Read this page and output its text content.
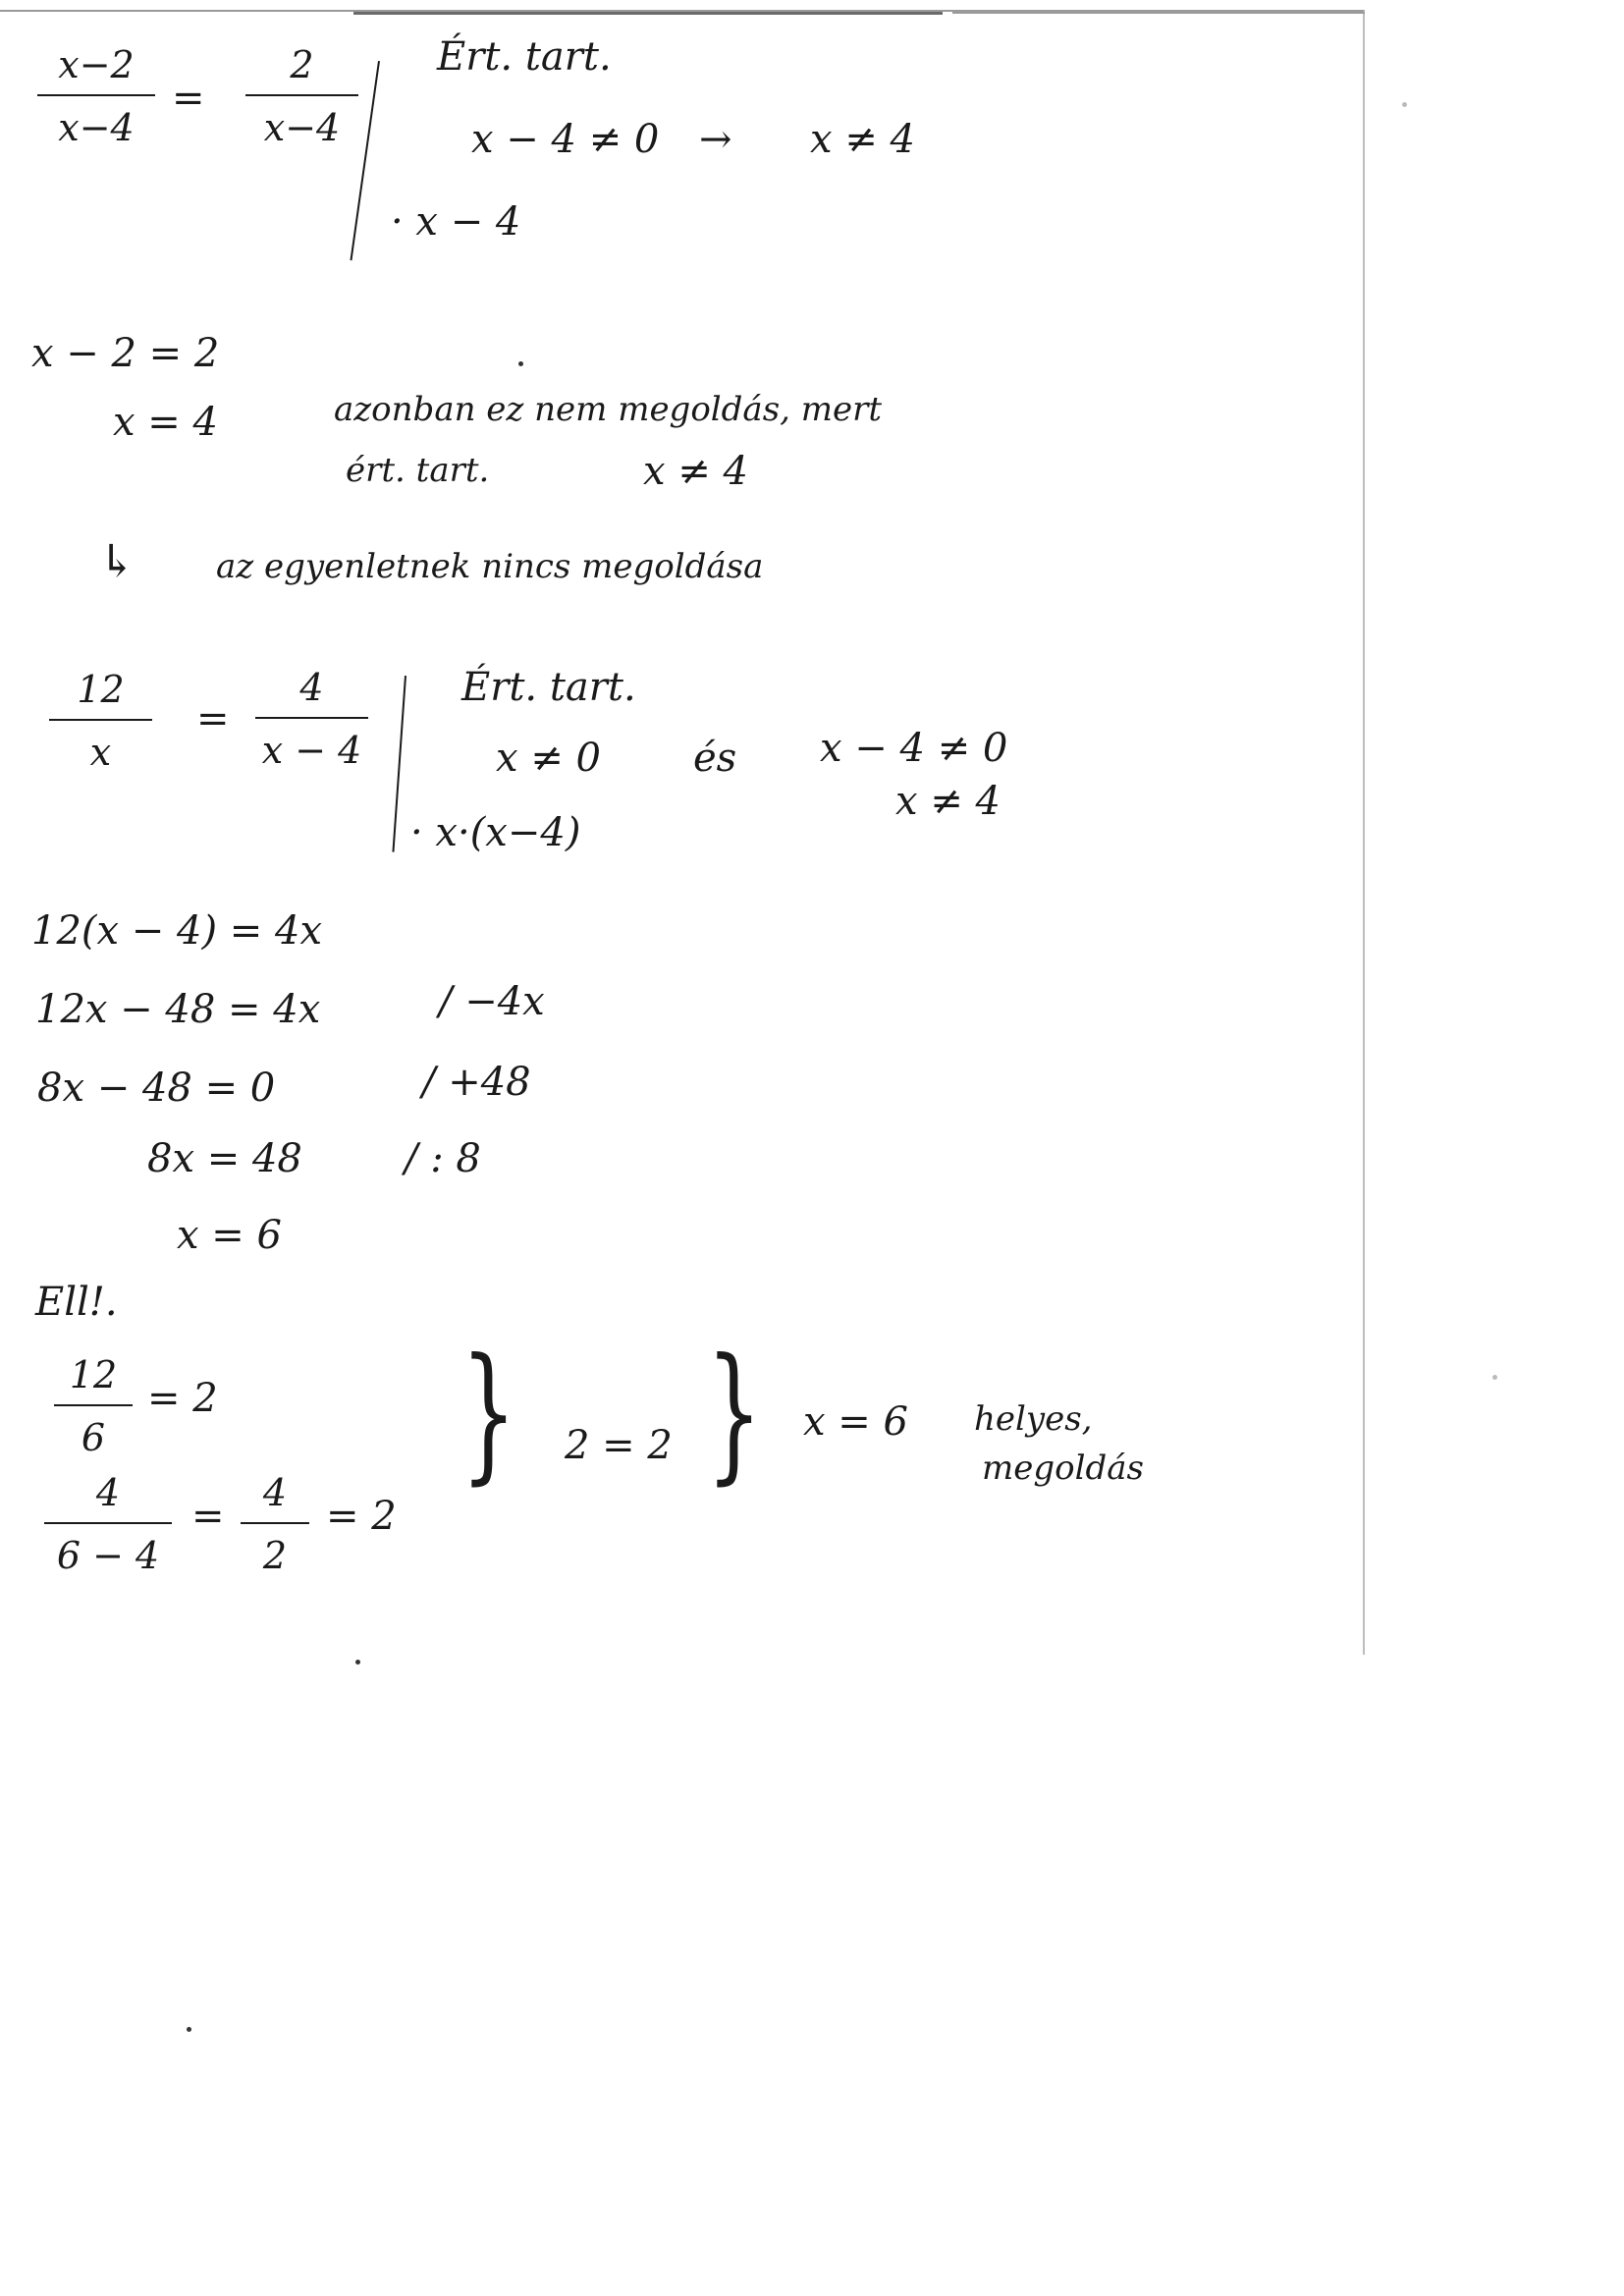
x−2
x−4
=
2
x−4
Ért. tart.
x − 4 ≠ 0 → x ≠ 4
· x − 4
x − 2 = 2
x = 4	azonban ez nem megoldás, mert
ért. tart.	x ≠ 4
↳ az egyenletnek nincs megoldása
12
x
=
4
x − 4
Ért. tart.
x ≠ 0 és x − 4 ≠ 0
x ≠ 4
· x·(x−4)
12(x − 4) = 4x
12x − 48 = 4x	/ −4x
8x − 48 = 0	/ +48
8x = 48	/ : 8
x = 6
Ell!.
12
6
= 2
4
6 − 4
=
4
2
= 2
} 2 = 2 } x = 6 helyes,
megoldás
